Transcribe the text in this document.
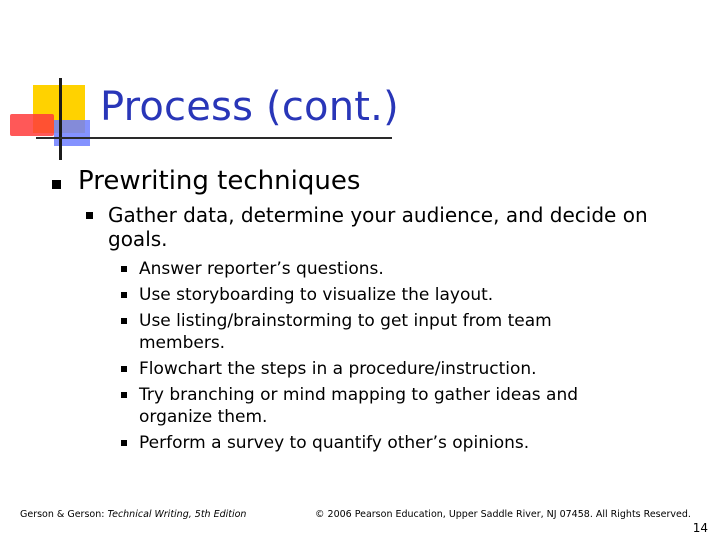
Process (cont.)
Prewriting techniques
Gather data, determine your audience, and decide on goals.
Answer reporter’s questions.
Use storyboarding to visualize the layout.
Use listing/brainstorming to get input from team members.
Flowchart the steps in a procedure/instruction.
Try branching or mind mapping to gather ideas and organize them.
Perform a survey to quantify other’s opinions.
Gerson & Gerson: Technical Writing, 5th Edition	© 2006 Pearson Education, Upper Saddle River, NJ 07458. All Rights Reserved.
14
